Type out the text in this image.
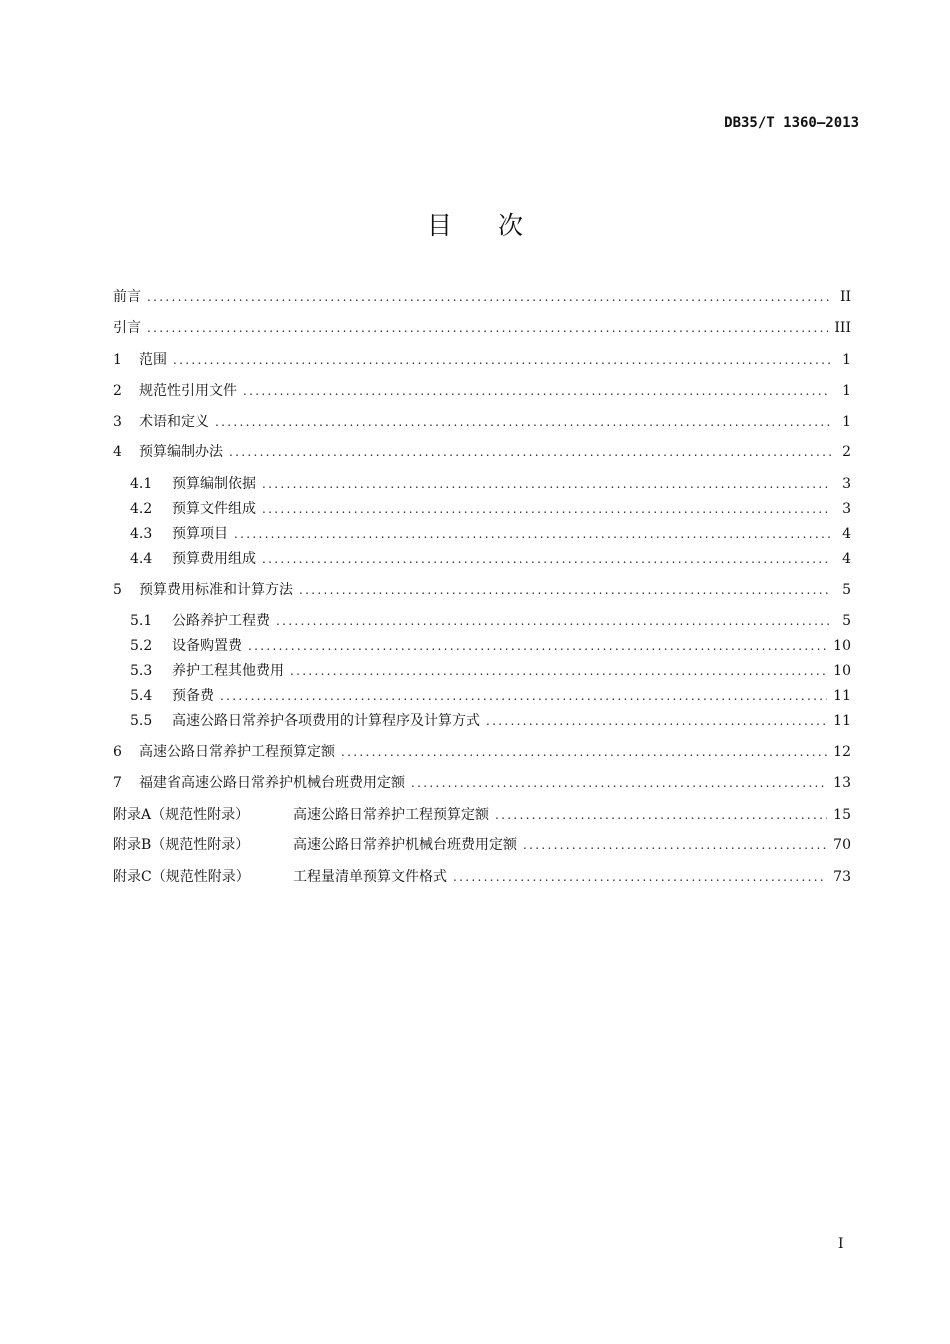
DB35/T 1360—2013
目次
前言 .....	II
引言 .....	III
1	范围 .....	1
2	规范性引用文件 .....	1
3	术语和定义 .....	1
4	预算编制办法 .....	2
4.1	预算编制依据 .....	3
4.2	预算文件组成 .....	3
4.3	预算项目 .....	4
4.4	预算费用组成 .....	4
5	预算费用标准和计算方法 .....	5
5.1	公路养护工程费 .....	5
5.2	设备购置费 .....	10
5.3	养护工程其他费用 .....	10
5.4	预备费 .....	11
5.5	高速公路日常养护各项费用的计算程序及计算方式 .....	11
6	高速公路日常养护工程预算定额 .....	12
7	福建省高速公路日常养护机械台班费用定额 .....	13
附录A（规范性附录）	高速公路日常养护工程预算定额 .....	15
附录B（规范性附录）	高速公路日常养护机械台班费用定额 .....	70
附录C（规范性附录）	工程量清单预算文件格式 .....	73
I
